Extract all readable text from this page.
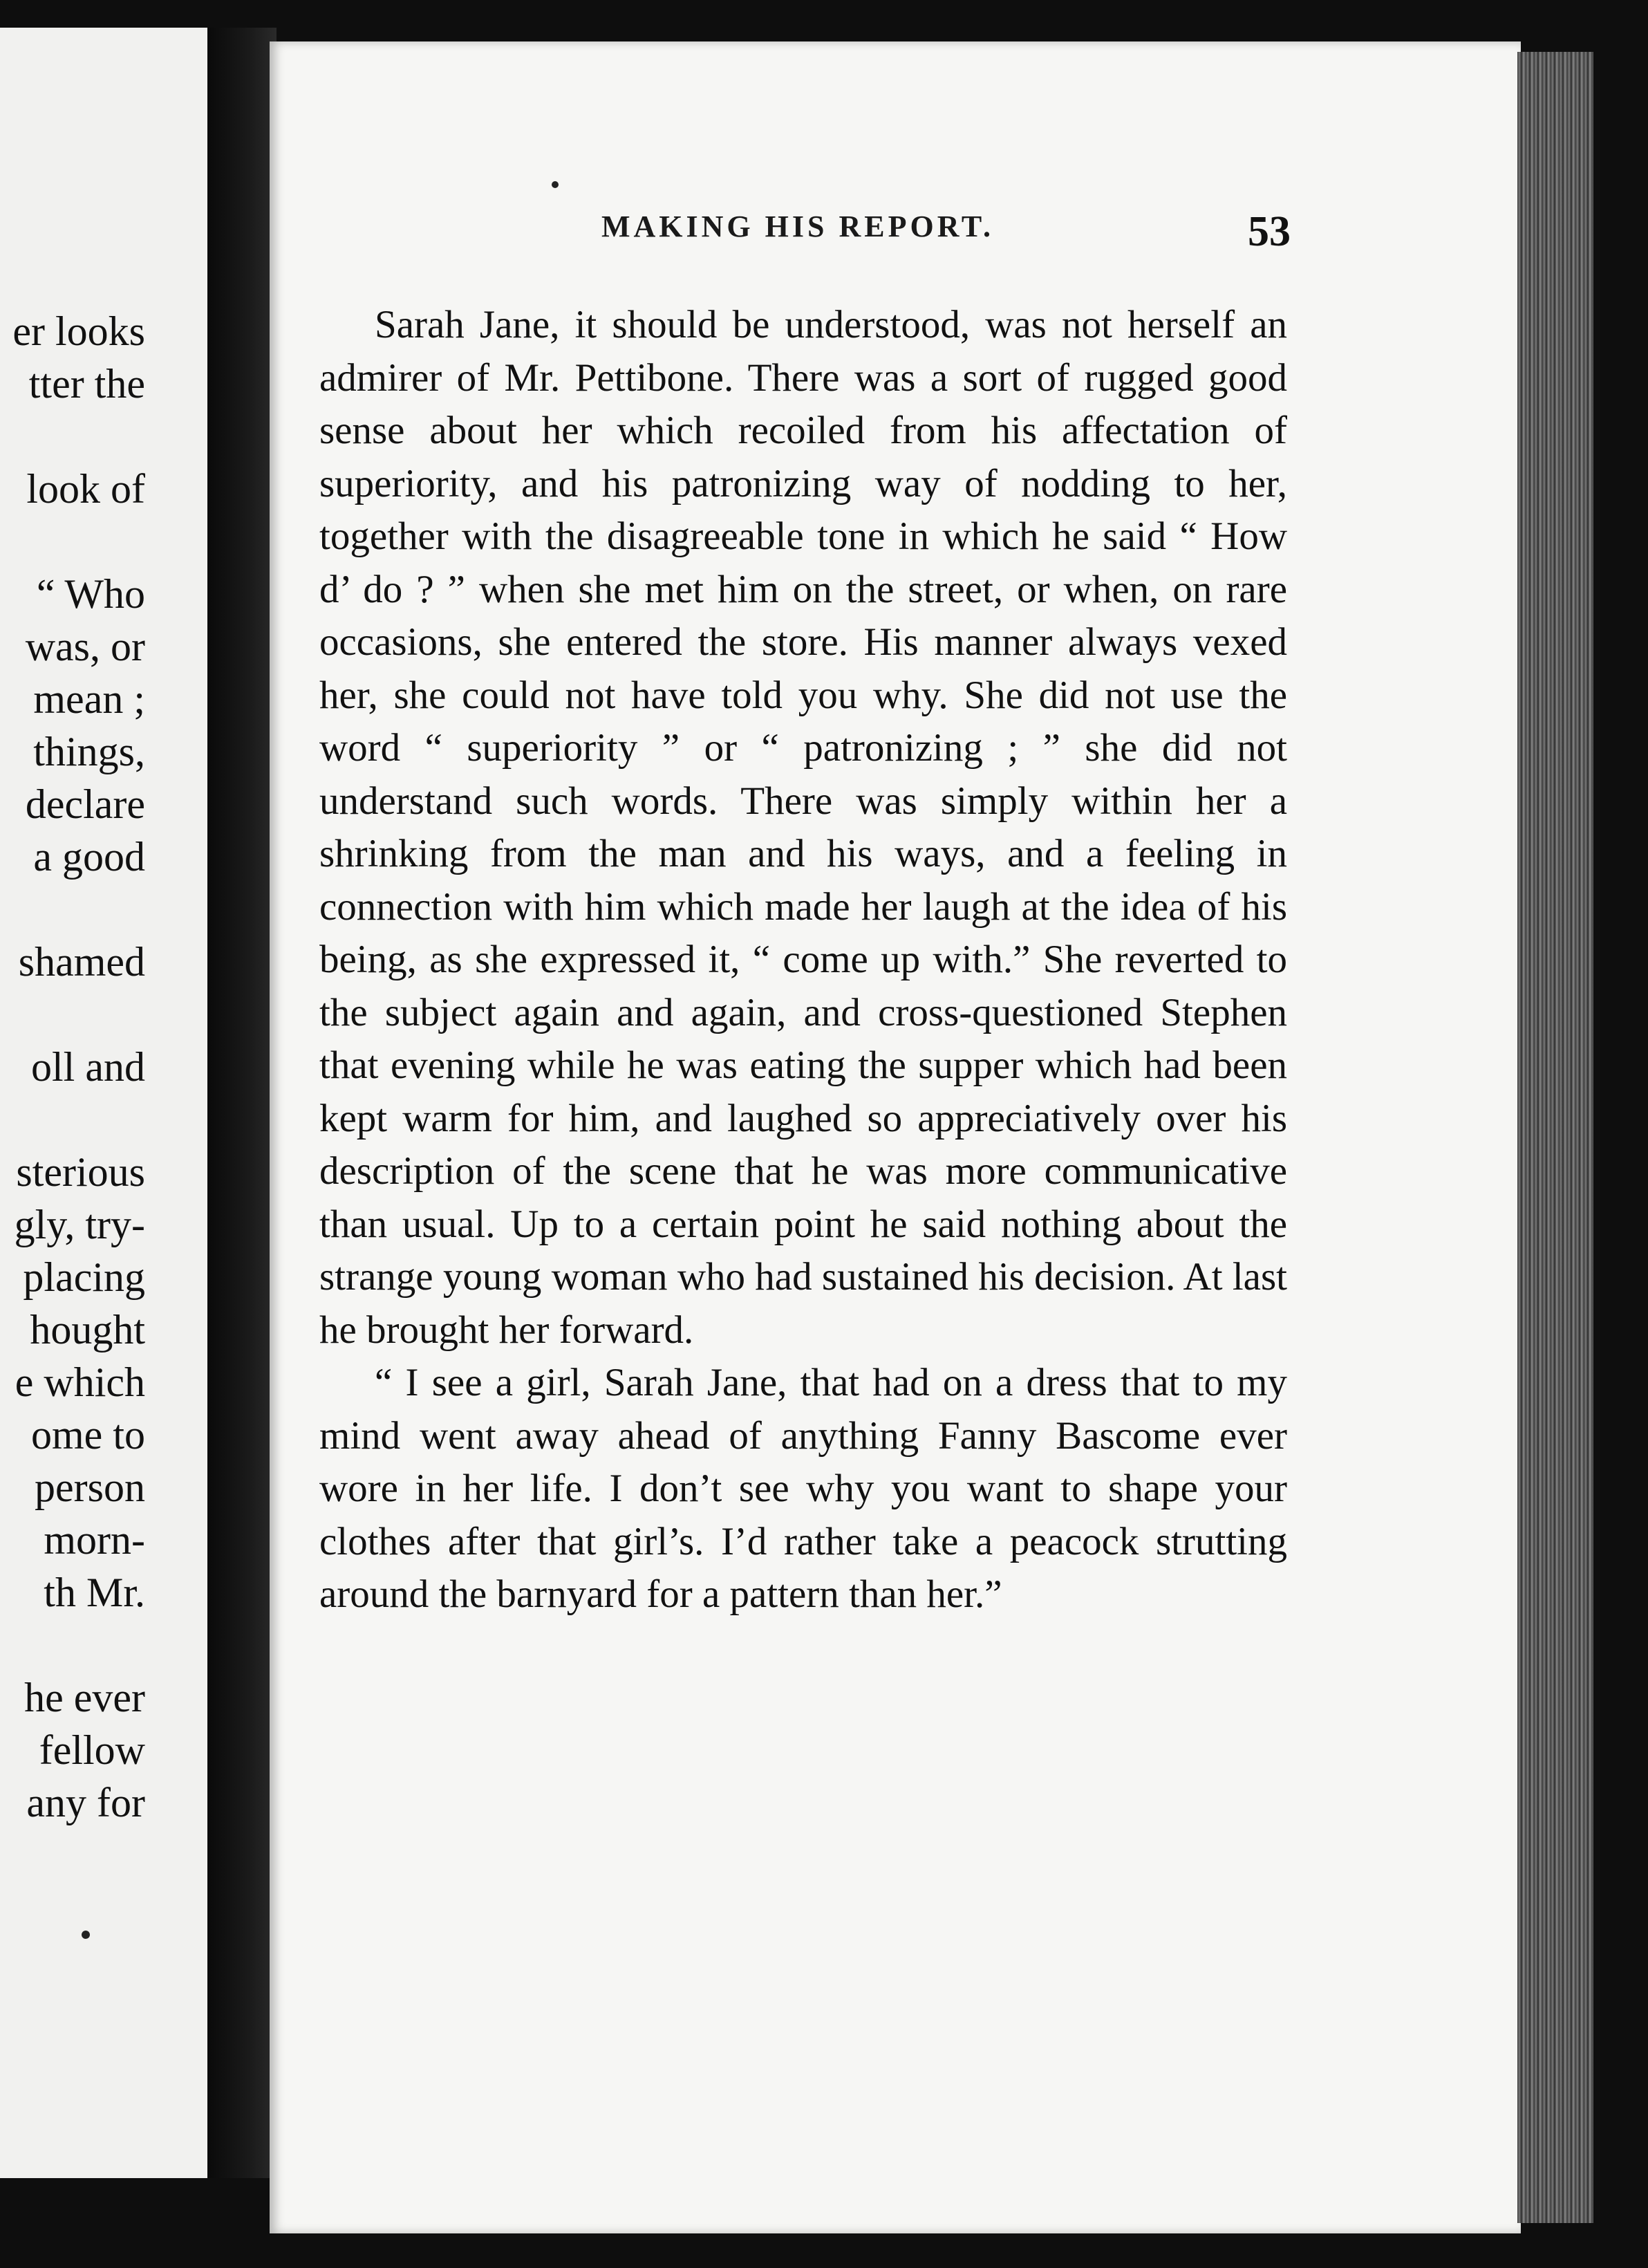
er looks
tter the
look of
“ Who
was, or
mean ;
things,
declare
a good
shamed
oll and
sterious
gly, try-
placing
hought
e which
ome to
person
morn-
th Mr.
he ever
fellow
any for
MAKING HIS REPORT.	53

Sarah Jane, it should be understood, was not herself an admirer of Mr. Pettibone. There was a sort of rugged good sense about her which recoiled from his affectation of superiority, and his patronizing way of nodding to her, together with the disagreeable tone in which he said “ How d’ do ? ” when she met him on the street, or when, on rare occasions, she entered the store. His manner always vexed her, she could not have told you why. She did not use the word “ superiority ” or “ patronizing ; ” she did not understand such words. There was simply within her a shrinking from the man and his ways, and a feeling in connection with him which made her laugh at the idea of his being, as she expressed it, “ come up with.” She reverted to the subject again and again, and cross-questioned Stephen that evening while he was eating the supper which had been kept warm for him, and laughed so appreciatively over his description of the scene that he was more communicative than usual. Up to a certain point he said nothing about the strange young woman who had sustained his decision. At last he brought her forward.

“ I see a girl, Sarah Jane, that had on a dress that to my mind went away ahead of anything Fanny Bascome ever wore in her life. I don’t see why you want to shape your clothes after that girl’s. I’d rather take a peacock strutting around the barnyard for a pattern than her.”
